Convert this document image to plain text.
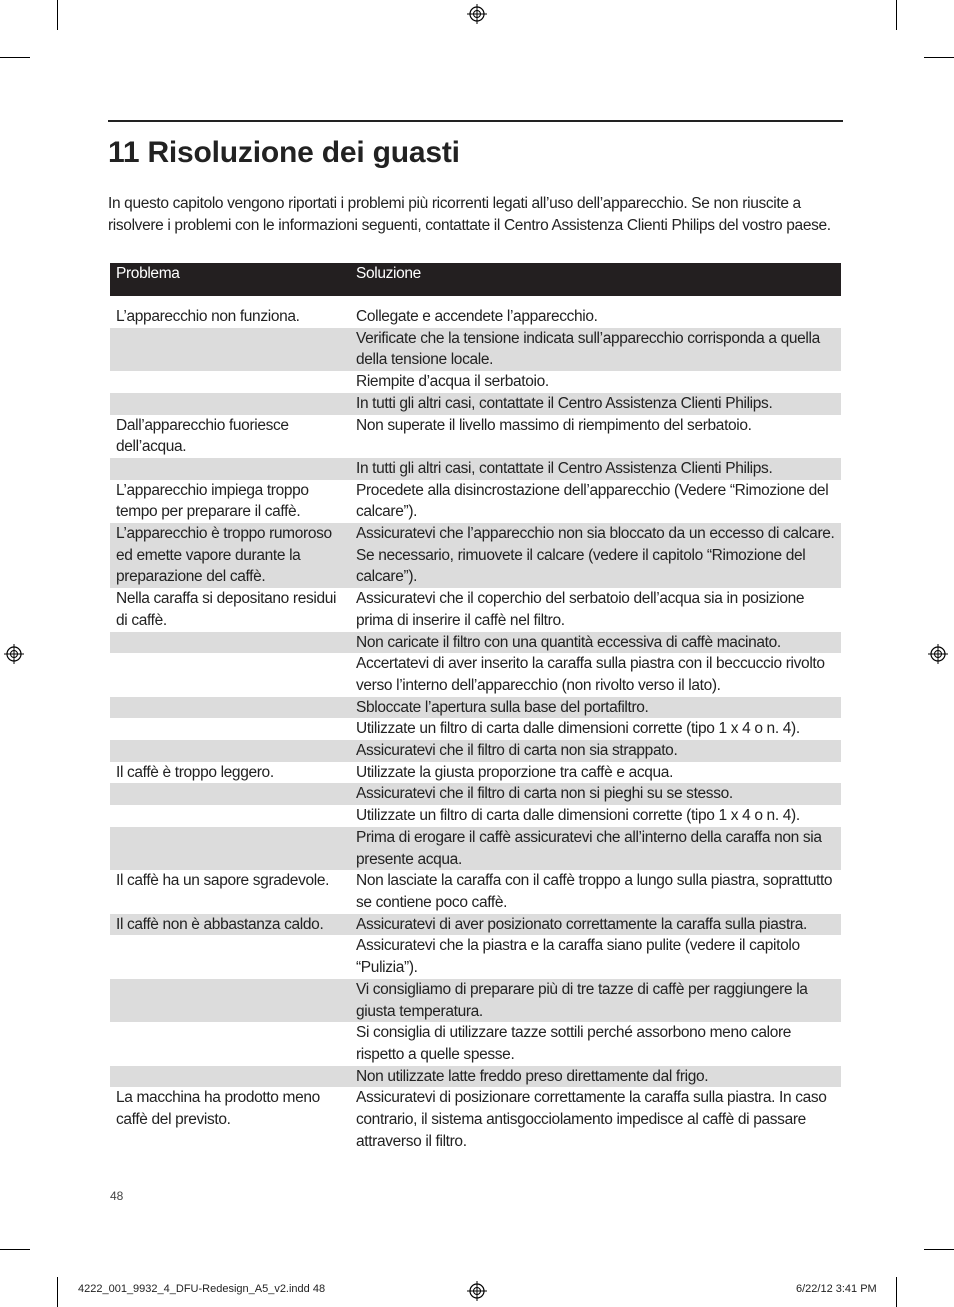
11 Risoluzione dei guasti

In questo capitolo vengono riportati i problemi più ricorrenti legati all’uso dell’apparecchio. Se non riuscite a

risolvere i problemi con le informazioni seguenti, contattate il Centro Assistenza Clienti Philips del vostro paese.

Problema	Soluzione

L’apparecchio non funziona.	Collegate e accendete l’apparecchio.
	Verificate che la tensione indicata sull’apparecchio corrisponda a quella della tensione locale.
	Riempite d’acqua il serbatoio.
	In tutti gli altri casi, contattate il Centro Assistenza Clienti Philips.
Dall’apparecchio fuoriesce dell’acqua.	Non superate il livello massimo di riempimento del serbatoio.
	In tutti gli altri casi, contattate il Centro Assistenza Clienti Philips.
L’apparecchio impiega troppo tempo per preparare il caffè.	Procedete alla disincrostazione dell’apparecchio (Vedere “Rimozione del calcare”).
L’apparecchio è troppo rumoroso ed emette vapore durante la preparazione del caffè.	Assicuratevi che l’apparecchio non sia bloccato da un eccesso di calcare. Se necessario, rimuovete il calcare (vedere il capitolo “Rimozione del calcare”).
Nella caraffa si depositano residui di caffè.	Assicuratevi che il coperchio del serbatoio dell’acqua sia in posizione prima di inserire il caffè nel filtro.
	Non caricate il filtro con una quantità eccessiva di caffè macinato.
	Accertatevi di aver inserito la caraffa sulla piastra con il beccuccio rivolto verso l’interno dell’apparecchio (non rivolto verso il lato).
	Sbloccate l’apertura sulla base del portafiltro.
	Utilizzate un filtro di carta dalle dimensioni corrette (tipo 1 x 4 o n. 4).
	Assicuratevi che il filtro di carta non sia strappato.
Il caffè è troppo leggero.	Utilizzate la giusta proporzione tra caffè e acqua.
	Assicuratevi che il filtro di carta non si pieghi su se stesso.
	Utilizzate un filtro di carta dalle dimensioni corrette (tipo 1 x 4 o n. 4).
	Prima di erogare il caffè assicuratevi che all’interno della caraffa non sia presente acqua.
Il caffè ha un sapore sgradevole.	Non lasciate la caraffa con il caffè troppo a lungo sulla piastra, soprattutto se contiene poco caffè.
Il caffè non è abbastanza caldo.	Assicuratevi di aver posizionato correttamente la caraffa sulla piastra.
	Assicuratevi che la piastra e la caraffa siano pulite (vedere il capitolo “Pulizia”).
	Vi consigliamo di preparare più di tre tazze di caffè per raggiungere la giusta temperatura.
	Si consiglia di utilizzare tazze sottili perché assorbono meno calore rispetto a quelle spesse.
	Non utilizzate latte freddo preso direttamente dal frigo.
La macchina ha prodotto meno caffè del previsto.	Assicuratevi di posizionare correttamente la caraffa sulla piastra. In caso contrario, il sistema antisgocciolamento impedisce al caffè di passare attraverso il filtro.
48
4222_001_9932_4_DFU-Redesign_A5_v2.indd 48	6/22/12 3:41 PM
